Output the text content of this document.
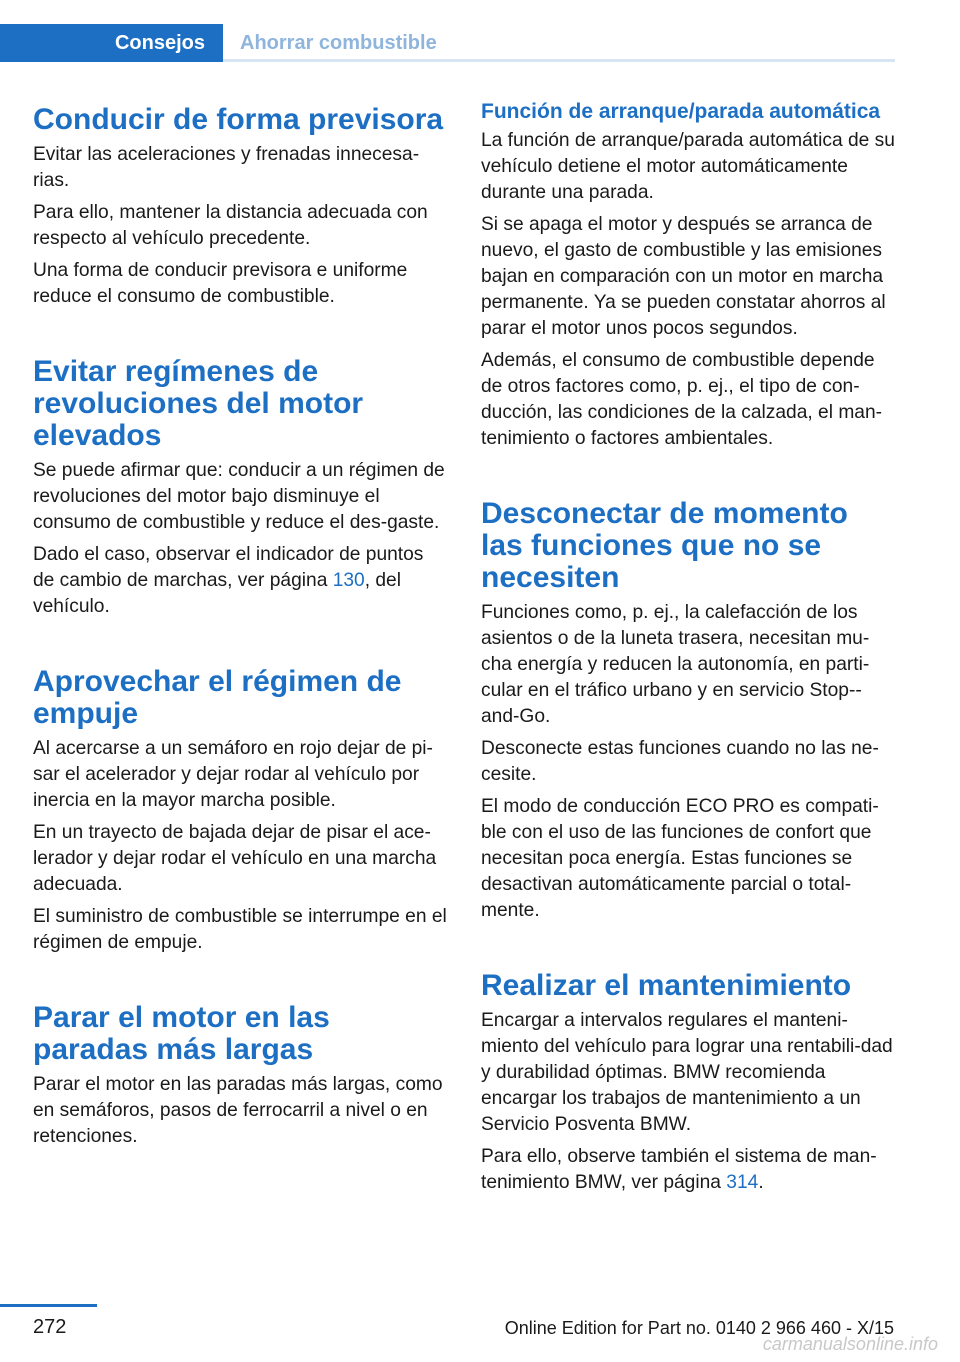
Consejos Ahorrar combustible
Conducir de forma previsora

Evitar las aceleraciones y frenadas innecesa-rias.

Para ello, mantener la distancia adecuada con respecto al vehículo precedente.

Una forma de conducir previsora e uniforme reduce el consumo de combustible.

Evitar regímenes de revoluciones del motor elevados

Se puede afirmar que: conducir a un régimen de revoluciones del motor bajo disminuye el consumo de combustible y reduce el des-gaste.

Dado el caso, observar el indicador de puntos de cambio de marchas, ver página 130, del vehículo.

Aprovechar el régimen de empuje

Al acercarse a un semáforo en rojo dejar de pi-sar el acelerador y dejar rodar al vehículo por inercia en la mayor marcha posible.

En un trayecto de bajada dejar de pisar el ace-lerador y dejar rodar el vehículo en una marcha adecuada.

El suministro de combustible se interrumpe en el régimen de empuje.

Parar el motor en las paradas más largas

Parar el motor en las paradas más largas, como en semáforos, pasos de ferrocarril a nivel o en retenciones.

Función de arranque/parada automática

La función de arranque/parada automática de su vehículo detiene el motor automáticamente durante una parada.

Si se apaga el motor y después se arranca de nuevo, el gasto de combustible y las emisiones bajan en comparación con un motor en marcha permanente. Ya se pueden constatar ahorros al parar el motor unos pocos segundos.

Además, el consumo de combustible depende de otros factores como, p. ej., el tipo de con-ducción, las condiciones de la calzada, el man-tenimiento o factores ambientales.

Desconectar de momento las funciones que no se necesiten

Funciones como, p. ej., la calefacción de los asientos o de la luneta trasera, necesitan mu-cha energía y reducen la autonomía, en parti-cular en el tráfico urbano y en servicio Stop--and-Go.

Desconecte estas funciones cuando no las ne-cesite.

El modo de conducción ECO PRO es compati-ble con el uso de las funciones de confort que necesitan poca energía. Estas funciones se desactivan automáticamente parcial o total-mente.

Realizar el mantenimiento

Encargar a intervalos regulares el manteni-miento del vehículo para lograr una rentabili-dad y durabilidad óptimas. BMW recomienda encargar los trabajos de mantenimiento a un Servicio Posventa BMW.

Para ello, observe también el sistema de man-tenimiento BMW, ver página 314.

272	Online Edition for Part no. 0140 2 966 460 - X/15
carmanualsonline.info
